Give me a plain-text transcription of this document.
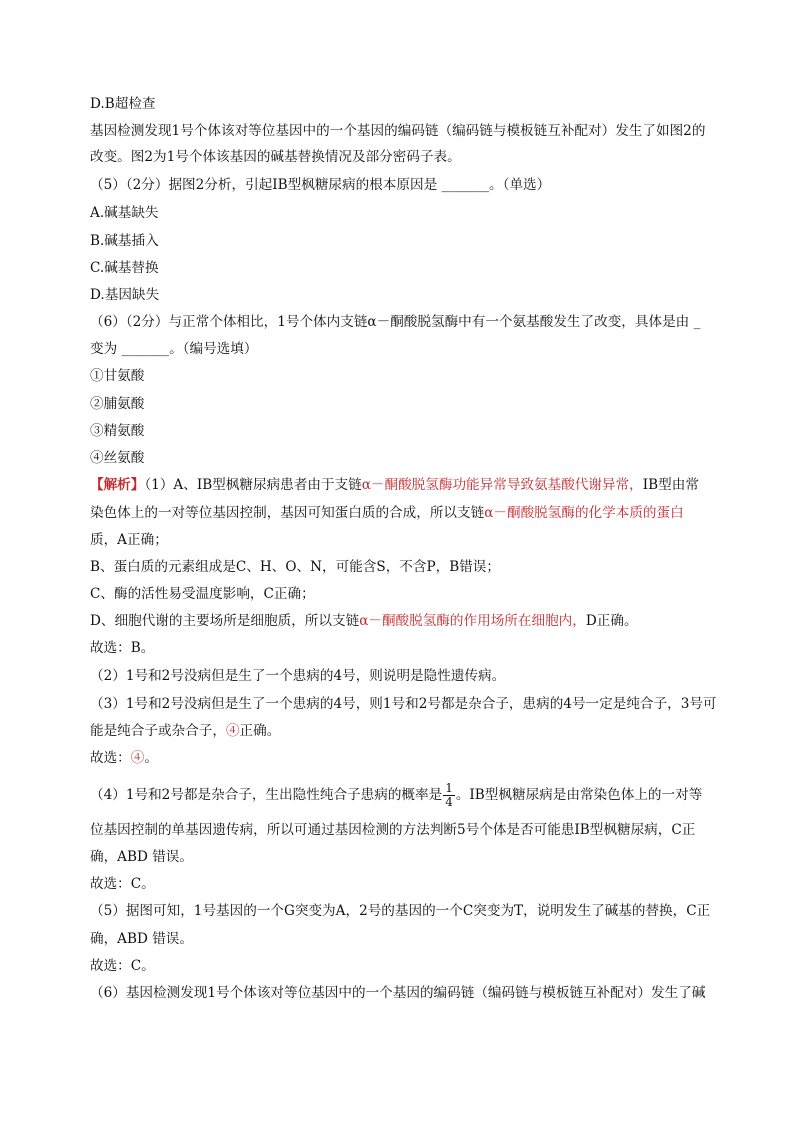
D.B超检查
基因检测发现1号个体该对等位基因中的一个基因的编码链（编码链与模板链互补配对）发生了如图2的
改变。图2为1号个体该基因的碱基替换情况及部分密码子表。
（5）（2分）据图2分析，引起IB型枫糖尿病的根本原因是 _______。（单选）
A.碱基缺失
B.碱基插入
C.碱基替换
D.基因缺失
（6）（2分）与正常个体相比，1号个体内支链α－酮酸脱氢酶中有一个氨基酸发生了改变，具体是由 _
变为 _______。（编号选填）
①甘氨酸
②脯氨酸
③精氨酸
④丝氨酸
【解析】（1）A、IB型枫糖尿病患者由于支链α－酮酸脱氢酶功能异常导致氨基酸代谢异常，IB型由常
染色体上的一对等位基因控制，基因可知蛋白质的合成，所以支链α－酮酸脱氢酶的化学本质的蛋白
质，A正确；
B、蛋白质的元素组成是C、H、O、N，可能含S，不含P，B错误；
C、酶的活性易受温度影响，C正确；
D、细胞代谢的主要场所是细胞质，所以支链α－酮酸脱氢酶的作用场所在细胞内，D正确。
故选：B。
（2）1号和2号没病但是生了一个患病的4号，则说明是隐性遗传病。
（3）1号和2号没病但是生了一个患病的4号，则1号和2号都是杂合子，患病的4号一定是纯合子，3号可
能是纯合子或杂合子，④正确。
故选：④。
（4）1号和2号都是杂合子，生出隐性纯合子患病的概率是 $\frac{1}{4}$ 。IB型枫糖尿病是由常染色体上的一对等
位基因控制的单基因遗传病，所以可通过基因检测的方法判断5号个体是否可能患IB型枫糖尿病，C正
确，ABD 错误。
故选：C。
（5）据图可知，1号基因的一个G突变为A，2号的基因的一个C突变为T，说明发生了碱基的替换，C正
确，ABD 错误。
故选：C。
（6）基因检测发现1号个体该对等位基因中的一个基因的编码链（编码链与模板链互补配对）发生了碱
